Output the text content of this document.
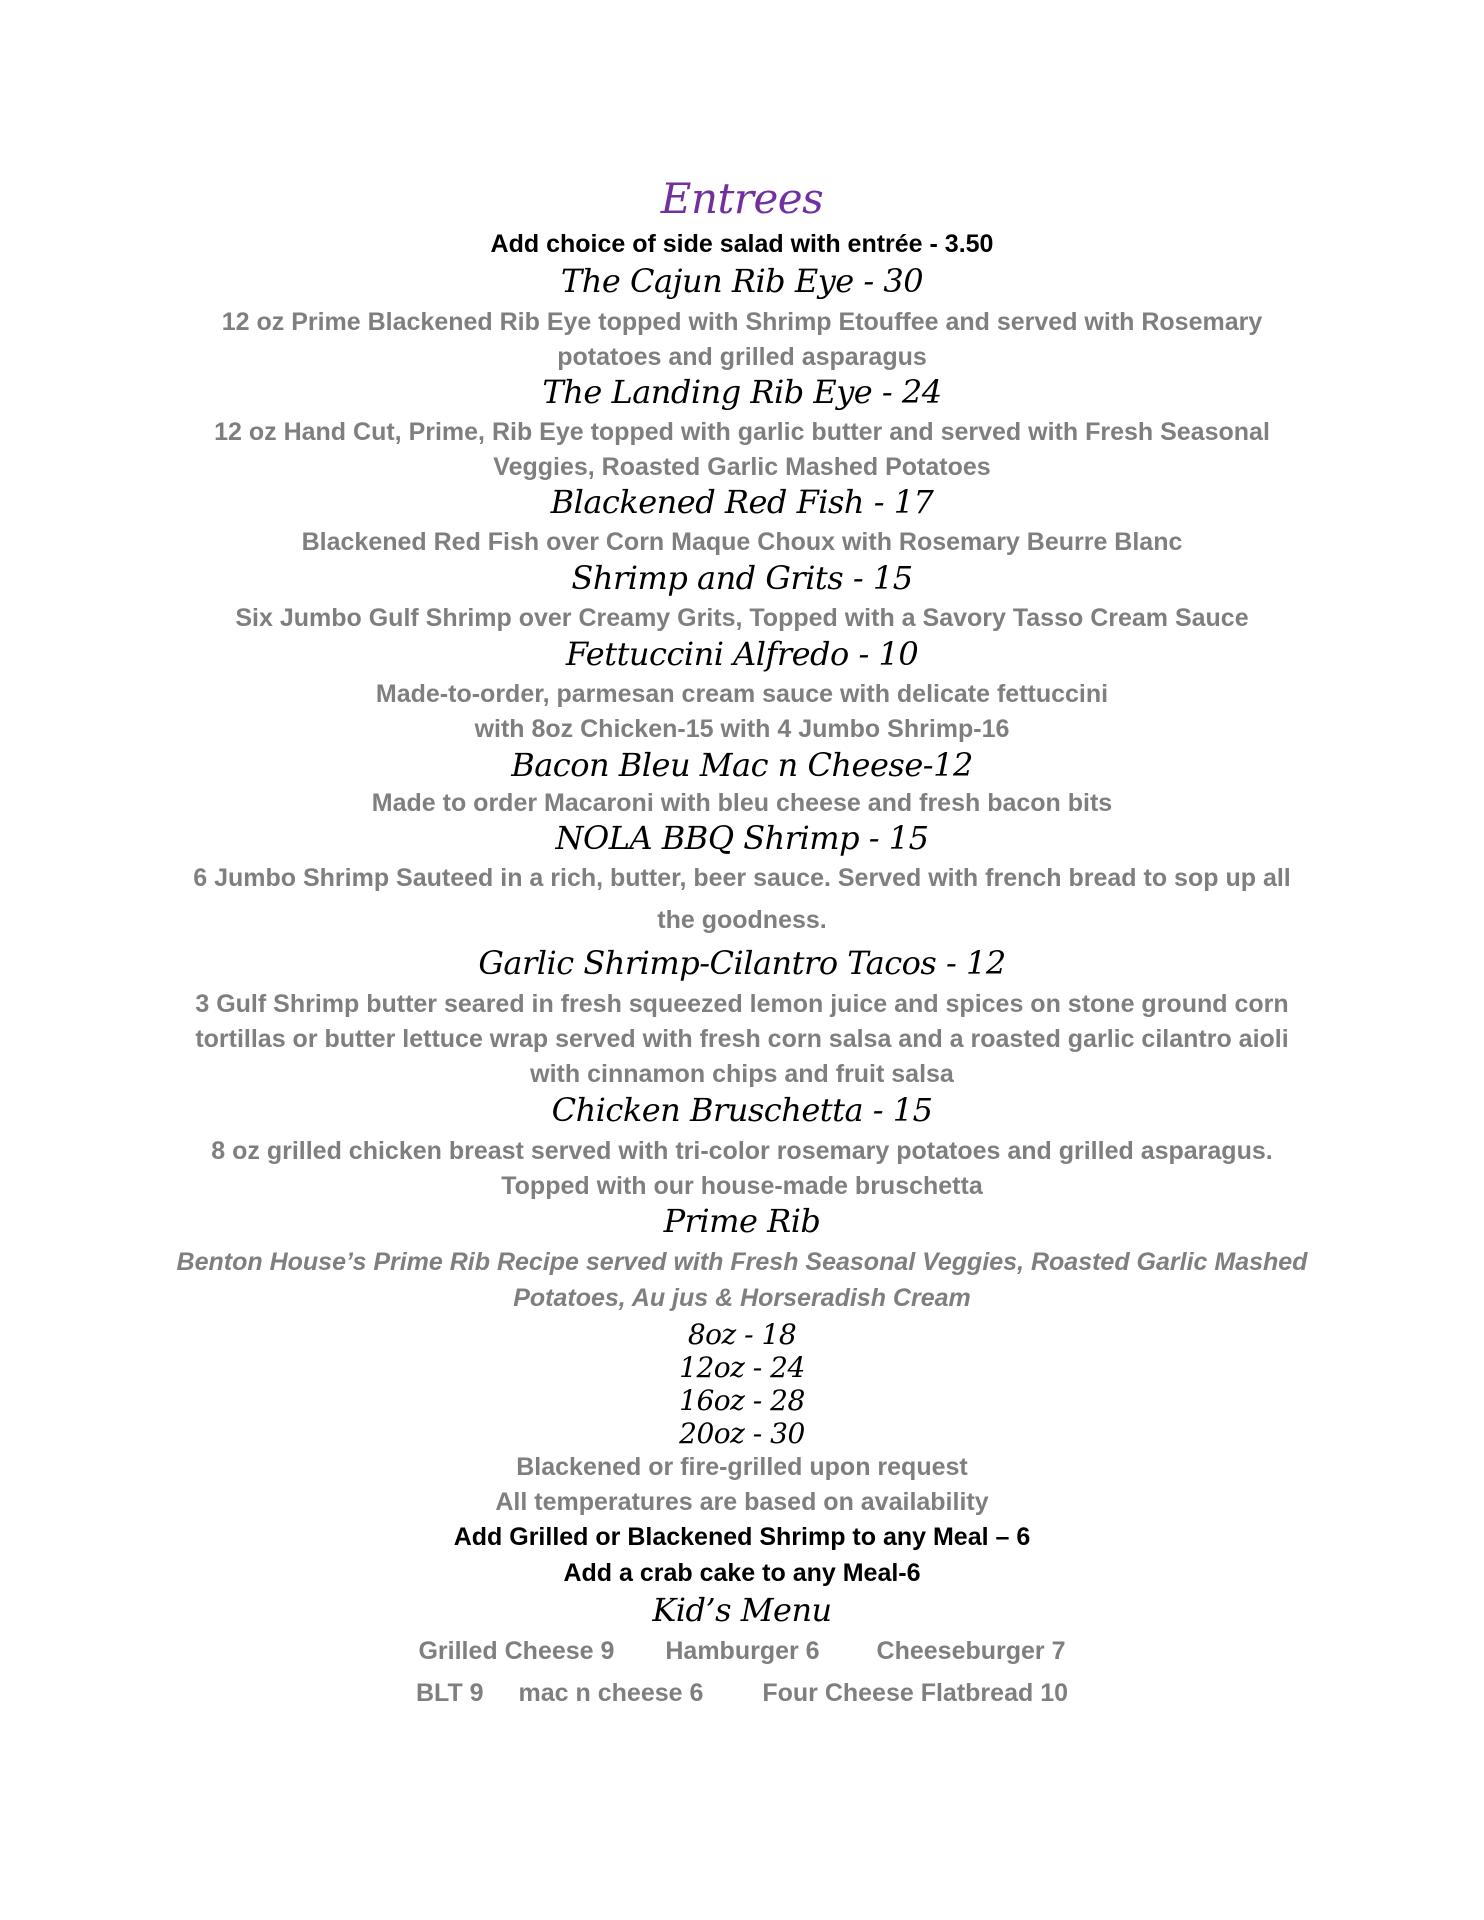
Entrees
Add choice of side salad with entrée - 3.50
The Cajun Rib Eye - 30
12 oz Prime Blackened Rib Eye topped with Shrimp Etouffee and served with Rosemary
potatoes and grilled asparagus
The Landing Rib Eye - 24
12 oz Hand Cut, Prime, Rib Eye topped with garlic butter and served with Fresh Seasonal
Veggies, Roasted Garlic Mashed Potatoes
Blackened Red Fish - 17
Blackened Red Fish over Corn Maque Choux with Rosemary Beurre Blanc
Shrimp and Grits - 15
Six Jumbo Gulf Shrimp over Creamy Grits, Topped with a Savory Tasso Cream Sauce
Fettuccini Alfredo - 10
Made-to-order, parmesan cream sauce with delicate fettuccini
with 8oz Chicken-15 with 4 Jumbo Shrimp-16
Bacon Bleu Mac n Cheese-12
Made to order Macaroni with bleu cheese and fresh bacon bits
NOLA BBQ Shrimp - 15
6 Jumbo Shrimp Sauteed in a rich, butter, beer sauce. Served with french bread to sop up all
the goodness.
Garlic Shrimp-Cilantro Tacos - 12
3 Gulf Shrimp butter seared in fresh squeezed lemon juice and spices on stone ground corn
tortillas or butter lettuce wrap served with fresh corn salsa and a roasted garlic cilantro aioli
with cinnamon chips and fruit salsa
Chicken Bruschetta - 15
8 oz grilled chicken breast served with tri-color rosemary potatoes and grilled asparagus.
Topped with our house-made bruschetta
Prime Rib
Benton House’s Prime Rib Recipe served with Fresh Seasonal Veggies, Roasted Garlic Mashed
Potatoes, Au jus & Horseradish Cream
8oz - 18
12oz - 24
16oz - 28
20oz - 30
Blackened or fire-grilled upon request
All temperatures are based on availability
Add Grilled or Blackened Shrimp to any Meal – 6
Add a crab cake to any Meal-6
Kid’s Menu
Grilled Cheese 9 Hamburger 6 Cheeseburger 7
BLT 9 mac n cheese 6 Four Cheese Flatbread 10
